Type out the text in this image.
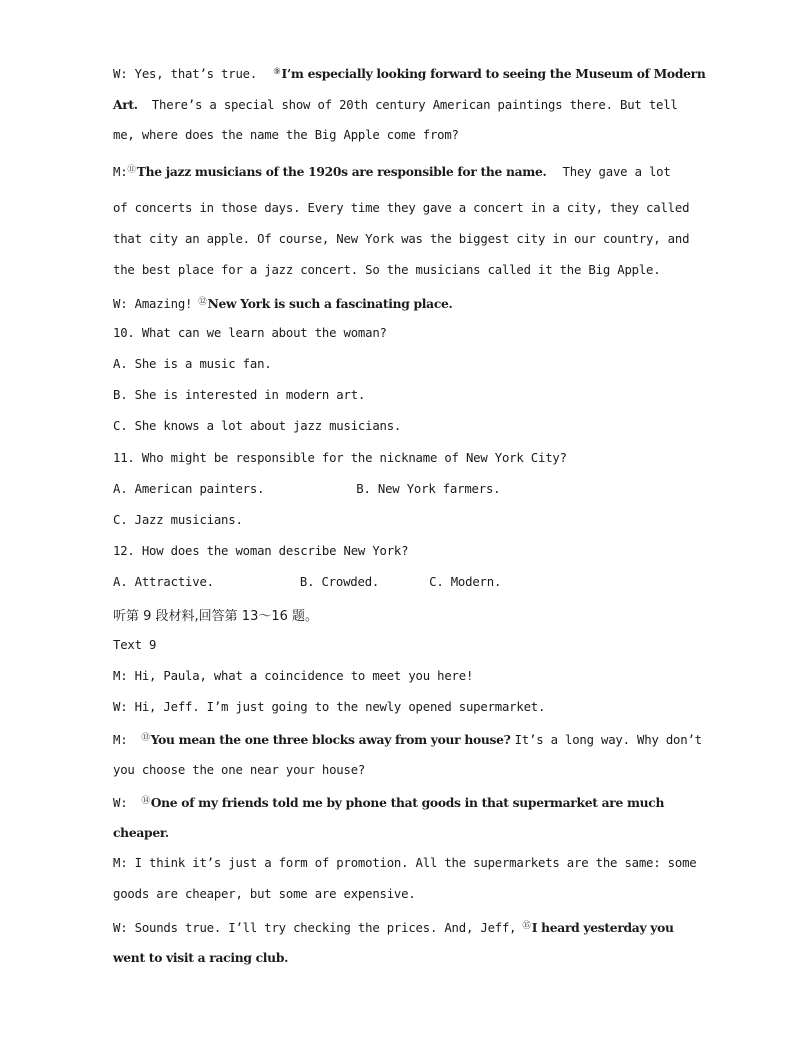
W: Yes, that’s true. ⑨I’m especially looking forward to seeing the Museum of Modern
Art. There’s a special show of 20th century American paintings there. But tell
me, where does the name the Big Apple come from?
M:⑪The jazz musicians of the 1920s are responsible for the name. They gave a lot
of concerts in those days. Every time they gave a concert in a city, they called
that city an apple. Of course, New York was the biggest city in our country, and
the best place for a jazz concert. So the musicians called it the Big Apple.
W: Amazing! ⑫New York is such a fascinating place.
10. What can we learn about the woman?
A. She is a music fan.
B. She is interested in modern art.
C. She knows a lot about jazz musicians.
11. Who might be responsible for the nickname of New York City?
A. American painters.	B. New York farmers.
C. Jazz musicians.
12. How does the woman describe New York?
A. Attractive.	B. Crowded.	C. Modern.
听第 9 段材料,回答第 13～16 题。
Text 9
M: Hi, Paula, what a coincidence to meet you here!
W: Hi, Jeff. I’m just going to the newly opened supermarket.
M: ⑬You mean the one three blocks away from your house? It’s a long way. Why don’t
you choose the one near your house?
W: ⑭One of my friends told me by phone that goods in that supermarket are much
cheaper.
M: I think it’s just a form of promotion. All the supermarkets are the same: some
goods are cheaper, but some are expensive.
W: Sounds true. I’ll try checking the prices. And, Jeff, ⑮I heard yesterday you
went to visit a racing club.
